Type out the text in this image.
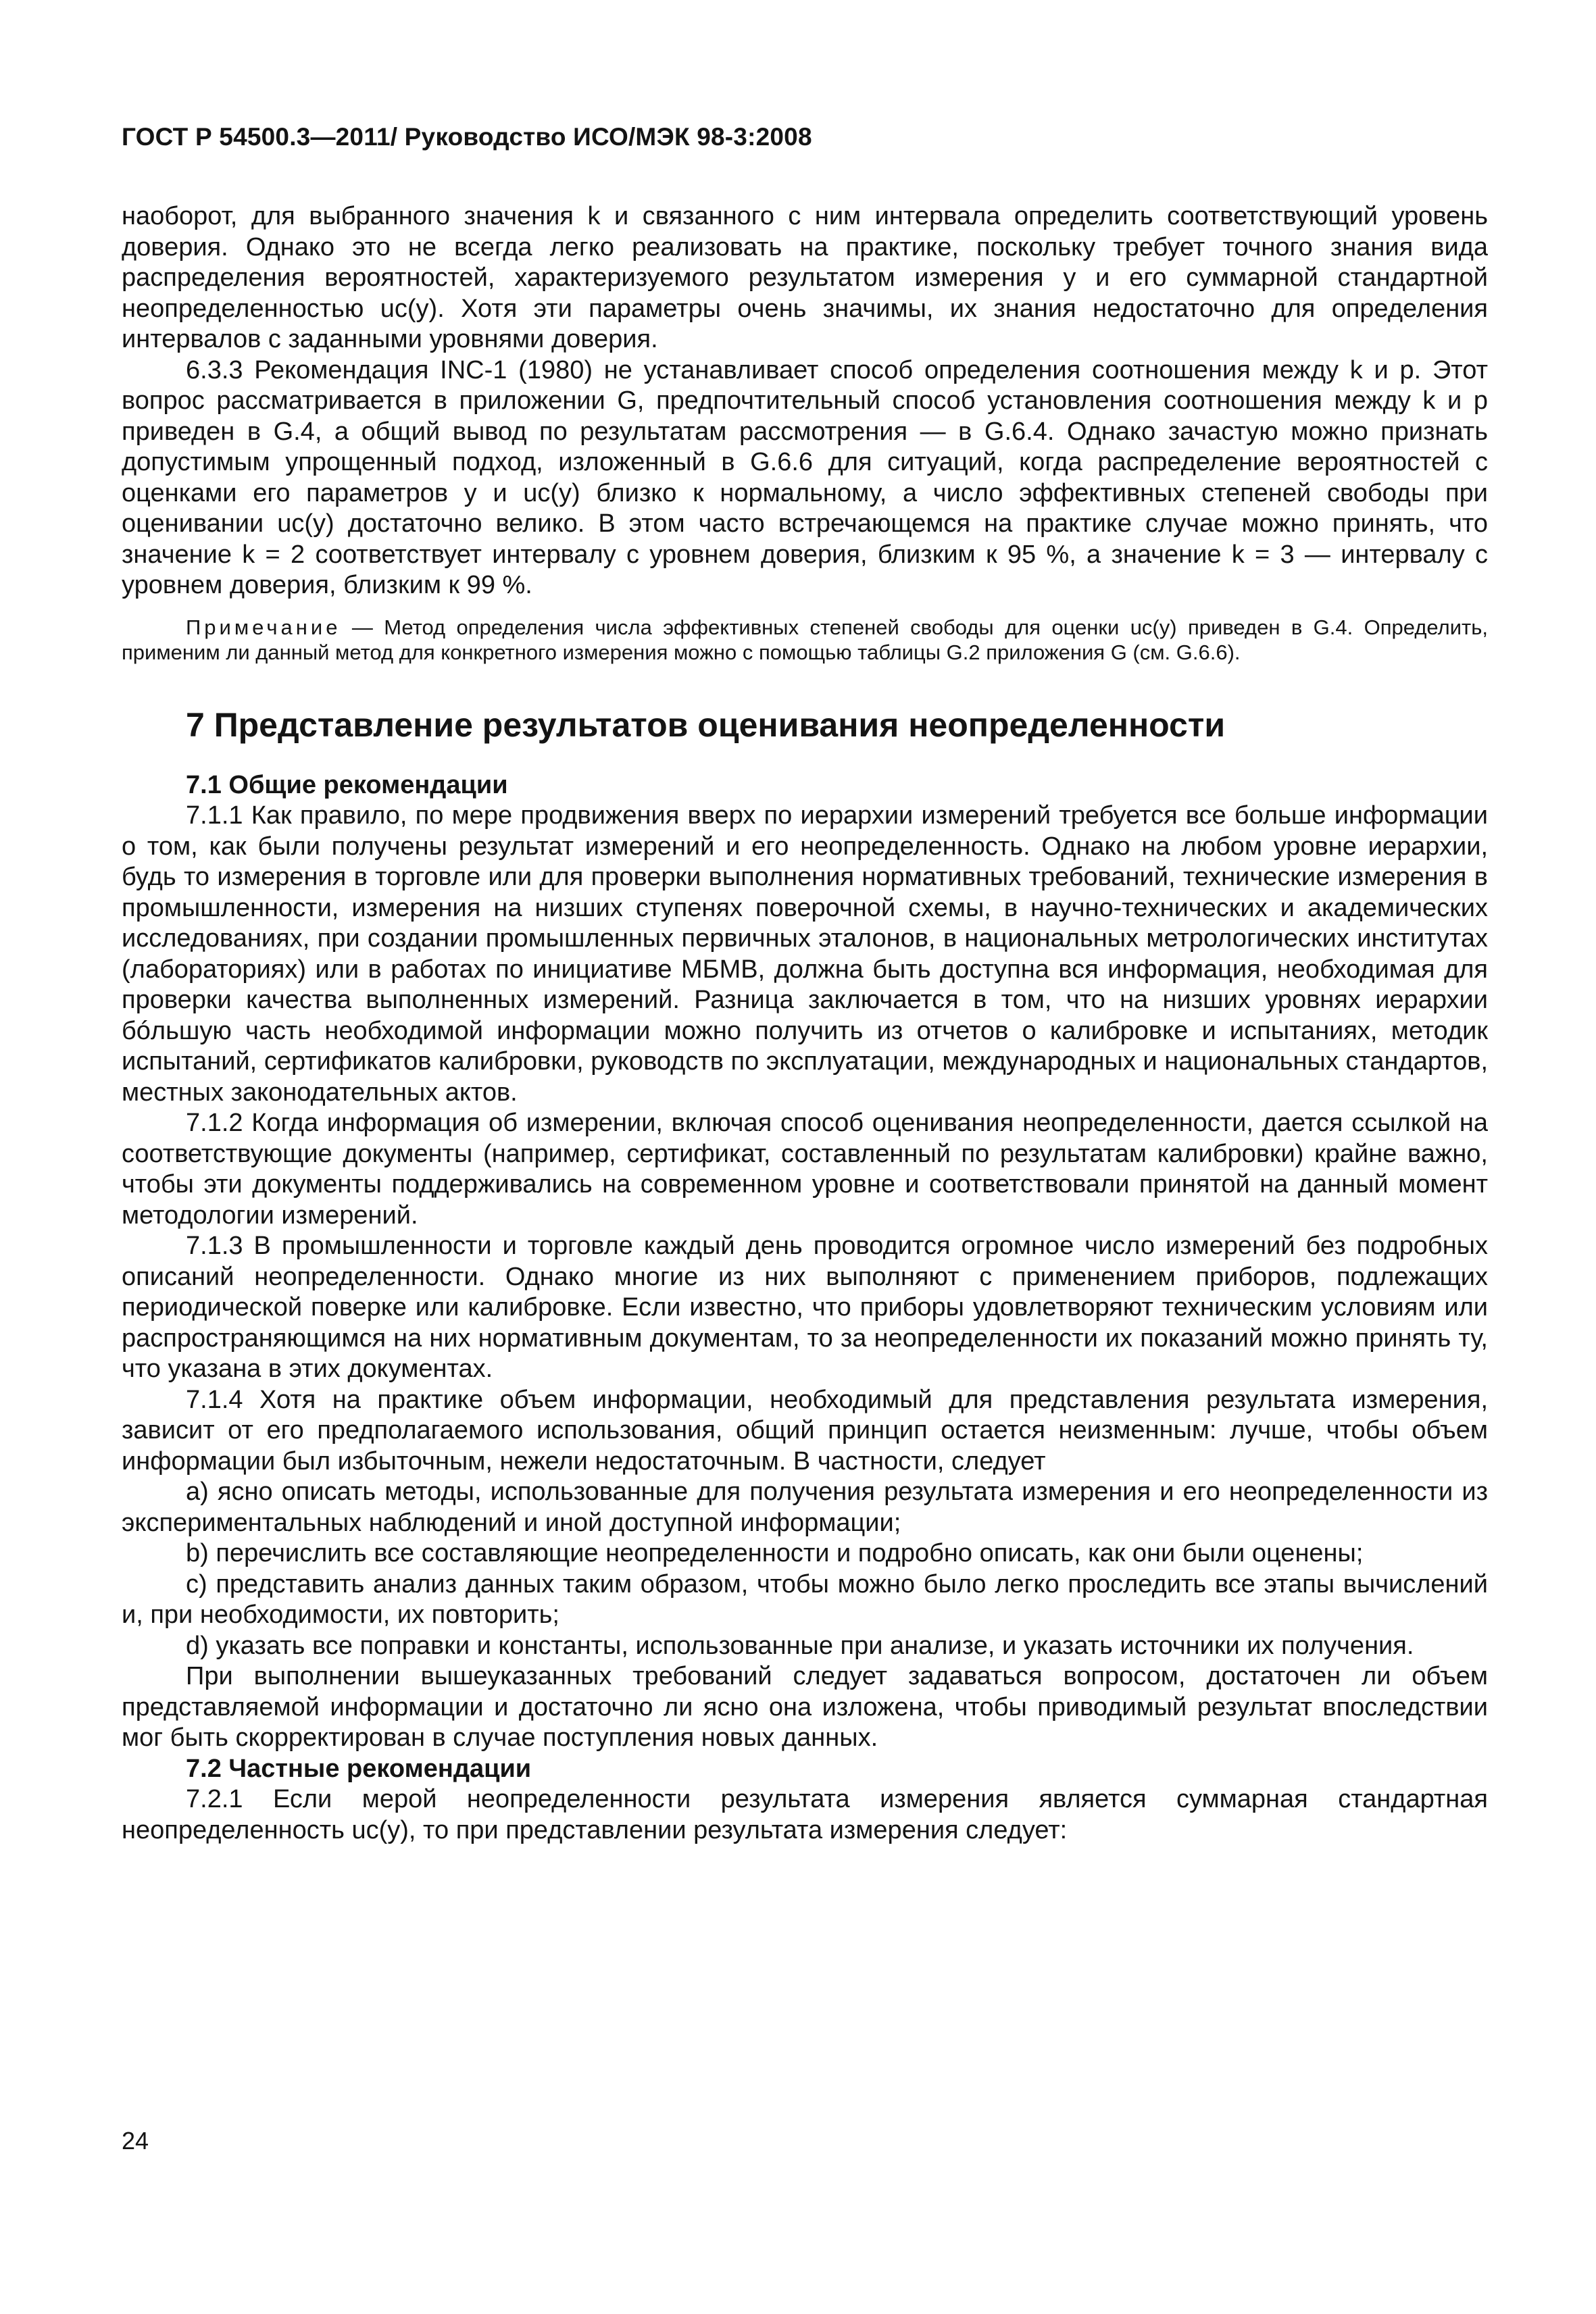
ГОСТ Р 54500.3—2011/ Руководство ИСО/МЭК 98-3:2008

наоборот, для выбранного значения k и связанного с ним интервала определить соответствующий уровень доверия. Однако это не всегда легко реализовать на практике, поскольку требует точного знания вида распределения вероятностей, характеризуемого результатом измерения y и его суммарной стандартной неопределенностью uc(y). Хотя эти параметры очень значимы, их знания недостаточно для определения интервалов с заданными уровнями доверия.

6.3.3 Рекомендация INC-1 (1980) не устанавливает способ определения соотношения между k и p. Этот вопрос рассматривается в приложении G, предпочтительный способ установления соотношения между k и p приведен в G.4, а общий вывод по результатам рассмотрения — в G.6.4. Однако зачастую можно признать допустимым упрощенный подход, изложенный в G.6.6 для ситуаций, когда распределение вероятностей с оценками его параметров y и uc(y) близко к нормальному, а число эффективных степеней свободы при оценивании uc(y) достаточно велико. В этом часто встречающемся на практике случае можно принять, что значение k = 2 соответствует интервалу с уровнем доверия, близким к 95 %, а значение k = 3 — интервалу с уровнем доверия, близким к 99 %.

Примечание — Метод определения числа эффективных степеней свободы для оценки uc(y) приведен в G.4. Определить, применим ли данный метод для конкретного измерения можно с помощью таблицы G.2 приложения G (см. G.6.6).

7 Представление результатов оценивания неопределенности
7.1 Общие рекомендации

7.1.1 Как правило, по мере продвижения вверх по иерархии измерений требуется все больше информации о том, как были получены результат измерений и его неопределенность. Однако на любом уровне иерархии, будь то измерения в торговле или для проверки выполнения нормативных требований, технические измерения в промышленности, измерения на низших ступенях поверочной схемы, в научно-технических и академических исследованиях, при создании промышленных первичных эталонов, в национальных метрологических институтах (лабораториях) или в работах по инициативе МБМВ, должна быть доступна вся информация, необходимая для проверки качества выполненных измерений. Разница заключается в том, что на низших уровнях иерархии бóльшую часть необходимой информации можно получить из отчетов о калибровке и испытаниях, методик испытаний, сертификатов калибровки, руководств по эксплуатации, международных и национальных стандартов, местных законодательных актов.

7.1.2 Когда информация об измерении, включая способ оценивания неопределенности, дается ссылкой на соответствующие документы (например, сертификат, составленный по результатам калибровки) крайне важно, чтобы эти документы поддерживались на современном уровне и соответствовали принятой на данный момент методологии измерений.

7.1.3 В промышленности и торговле каждый день проводится огромное число измерений без подробных описаний неопределенности. Однако многие из них выполняют с применением приборов, подлежащих периодической поверке или калибровке. Если известно, что приборы удовлетворяют техническим условиям или распространяющимся на них нормативным документам, то за неопределенности их показаний можно принять ту, что указана в этих документах.

7.1.4 Хотя на практике объем информации, необходимый для представления результата измерения, зависит от его предполагаемого использования, общий принцип остается неизменным: лучше, чтобы объем информации был избыточным, нежели недостаточным. В частности, следует

a) ясно описать методы, использованные для получения результата измерения и его неопределенности из экспериментальных наблюдений и иной доступной информации;

b) перечислить все составляющие неопределенности и подробно описать, как они были оценены;

c) представить анализ данных таким образом, чтобы можно было легко проследить все этапы вычислений и, при необходимости, их повторить;

d) указать все поправки и константы, использованные при анализе, и указать источники их получения.

При выполнении вышеуказанных требований следует задаваться вопросом, достаточен ли объем представляемой информации и достаточно ли ясно она изложена, чтобы приводимый результат впоследствии мог быть скорректирован в случае поступления новых данных.

7.2 Частные рекомендации

7.2.1 Если мерой неопределенности результата измерения является суммарная стандартная неопределенность uc(y), то при представлении результата измерения следует:

24
